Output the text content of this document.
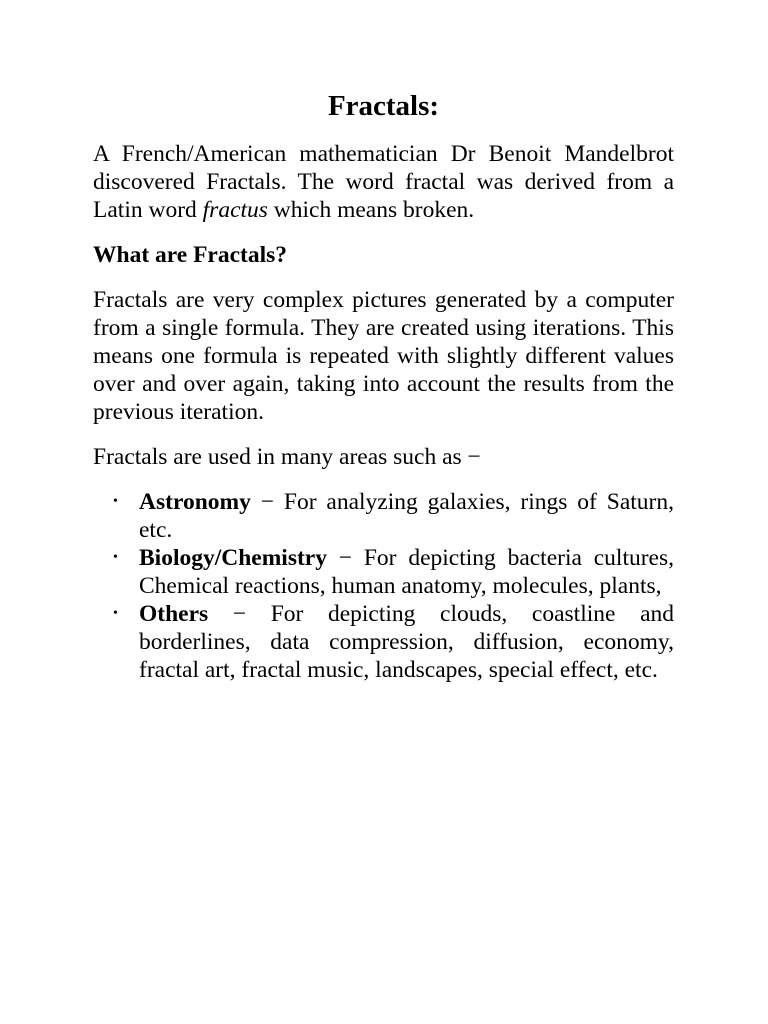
Fractals:

A French/American mathematician Dr Benoit Mandelbrot discovered Fractals. The word fractal was derived from a Latin word fractus which means broken.

What are Fractals?

Fractals are very complex pictures generated by a computer from a single formula. They are created using iterations. This means one formula is repeated with slightly different values over and over again, taking into account the results from the previous iteration.

Fractals are used in many areas such as −

• Astronomy − For analyzing galaxies, rings of Saturn, etc.
• Biology/Chemistry − For depicting bacteria cultures, Chemical reactions, human anatomy, molecules, plants,
• Others − For depicting clouds, coastline and borderlines, data compression, diffusion, economy, fractal art, fractal music, landscapes, special effect, etc.
